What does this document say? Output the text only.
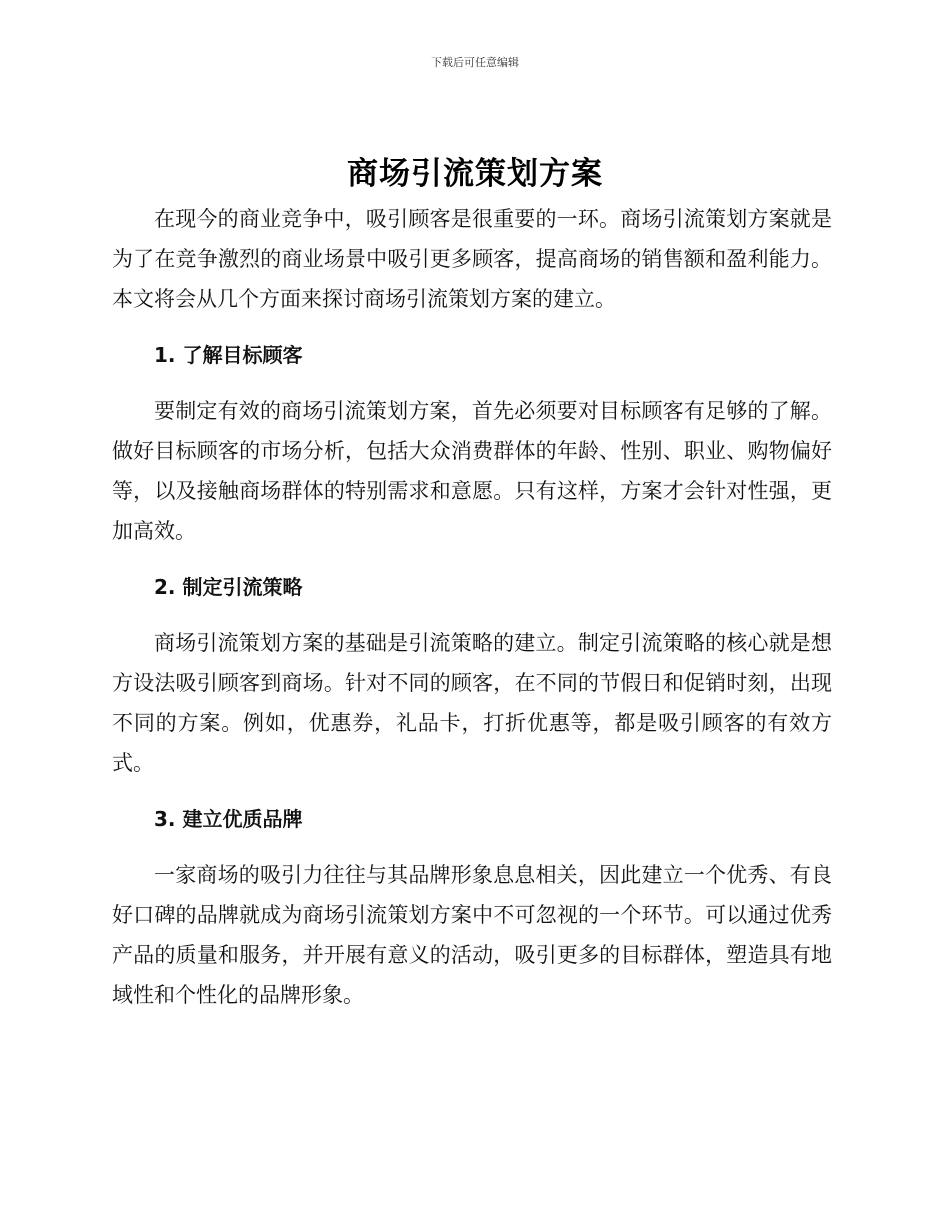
下载后可任意编辑
商场引流策划方案

在现今的商业竞争中，吸引顾客是很重要的一环。商场引流策划方案就是为了在竞争激烈的商业场景中吸引更多顾客，提高商场的销售额和盈利能力。本文将会从几个方面来探讨商场引流策划方案的建立。

1. 了解目标顾客

要制定有效的商场引流策划方案，首先必须要对目标顾客有足够的了解。做好目标顾客的市场分析，包括大众消费群体的年龄、性别、职业、购物偏好等，以及接触商场群体的特别需求和意愿。只有这样，方案才会针对性强，更加高效。

2. 制定引流策略

商场引流策划方案的基础是引流策略的建立。制定引流策略的核心就是想方设法吸引顾客到商场。针对不同的顾客，在不同的节假日和促销时刻，出现不同的方案。例如，优惠券，礼品卡，打折优惠等，都是吸引顾客的有效方式。

3. 建立优质品牌

一家商场的吸引力往往与其品牌形象息息相关，因此建立一个优秀、有良好口碑的品牌就成为商场引流策划方案中不可忽视的一个环节。可以通过优秀产品的质量和服务，并开展有意义的活动，吸引更多的目标群体，塑造具有地域性和个性化的品牌形象。
